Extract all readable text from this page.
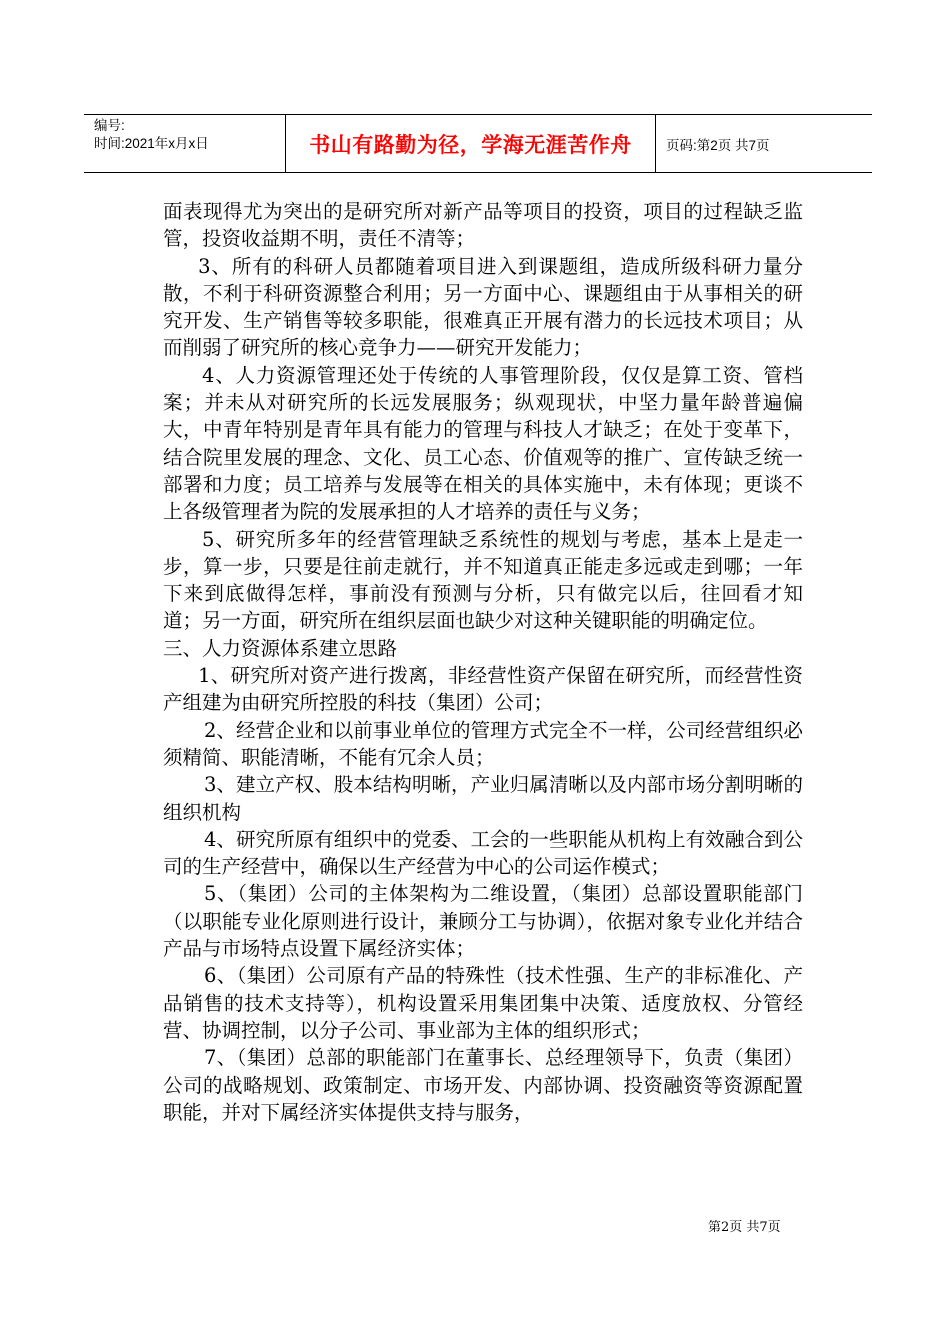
编号:
时间:2021年x月x日	书山有路勤为径，学海无涯苦作舟	页码:第2页 共7页

面表现得尤为突出的是研究所对新产品等项目的投资，项目的过程缺乏监管，投资收益期不明，责任不清等；

3、所有的科研人员都随着项目进入到课题组，造成所级科研力量分散，不利于科研资源整合利用；另一方面中心、课题组由于从事相关的研究开发、生产销售等较多职能，很难真正开展有潜力的长远技术项目；从而削弱了研究所的核心竞争力——研究开发能力；

4、人力资源管理还处于传统的人事管理阶段，仅仅是算工资、管档案；并未从对研究所的长远发展服务；纵观现状，中坚力量年龄普遍偏大，中青年特别是青年具有能力的管理与科技人才缺乏；在处于变革下，结合院里发展的理念、文化、员工心态、价值观等的推广、宣传缺乏统一部署和力度；员工培养与发展等在相关的具体实施中，未有体现；更谈不上各级管理者为院的发展承担的人才培养的责任与义务；

5、研究所多年的经营管理缺乏系统性的规划与考虑，基本上是走一步，算一步，只要是往前走就行，并不知道真正能走多远或走到哪；一年下来到底做得怎样，事前没有预测与分析，只有做完以后，往回看才知道；另一方面，研究所在组织层面也缺少对这种关键职能的明确定位。

三、人力资源体系建立思路

1、研究所对资产进行拨离，非经营性资产保留在研究所，而经营性资产组建为由研究所控股的科技（集团）公司；

2、经营企业和以前事业单位的管理方式完全不一样，公司经营组织必须精简、职能清晰，不能有冗余人员；

3、建立产权、股本结构明晰，产业归属清晰以及内部市场分割明晰的组织机构

4、研究所原有组织中的党委、工会的一些职能从机构上有效融合到公司的生产经营中，确保以生产经营为中心的公司运作模式；

5、（集团）公司的主体架构为二维设置，（集团）总部设置职能部门（以职能专业化原则进行设计，兼顾分工与协调），依据对象专业化并结合产品与市场特点设置下属经济实体；

6、（集团）公司原有产品的特殊性（技术性强、生产的非标准化、产品销售的技术支持等），机构设置采用集团集中决策、适度放权、分管经营、协调控制，以分子公司、事业部为主体的组织形式；

7、（集团）总部的职能部门在董事长、总经理领导下，负责（集团）公司的战略规划、政策制定、市场开发、内部协调、投资融资等资源配置职能，并对下属经济实体提供支持与服务，

第2页 共7页
